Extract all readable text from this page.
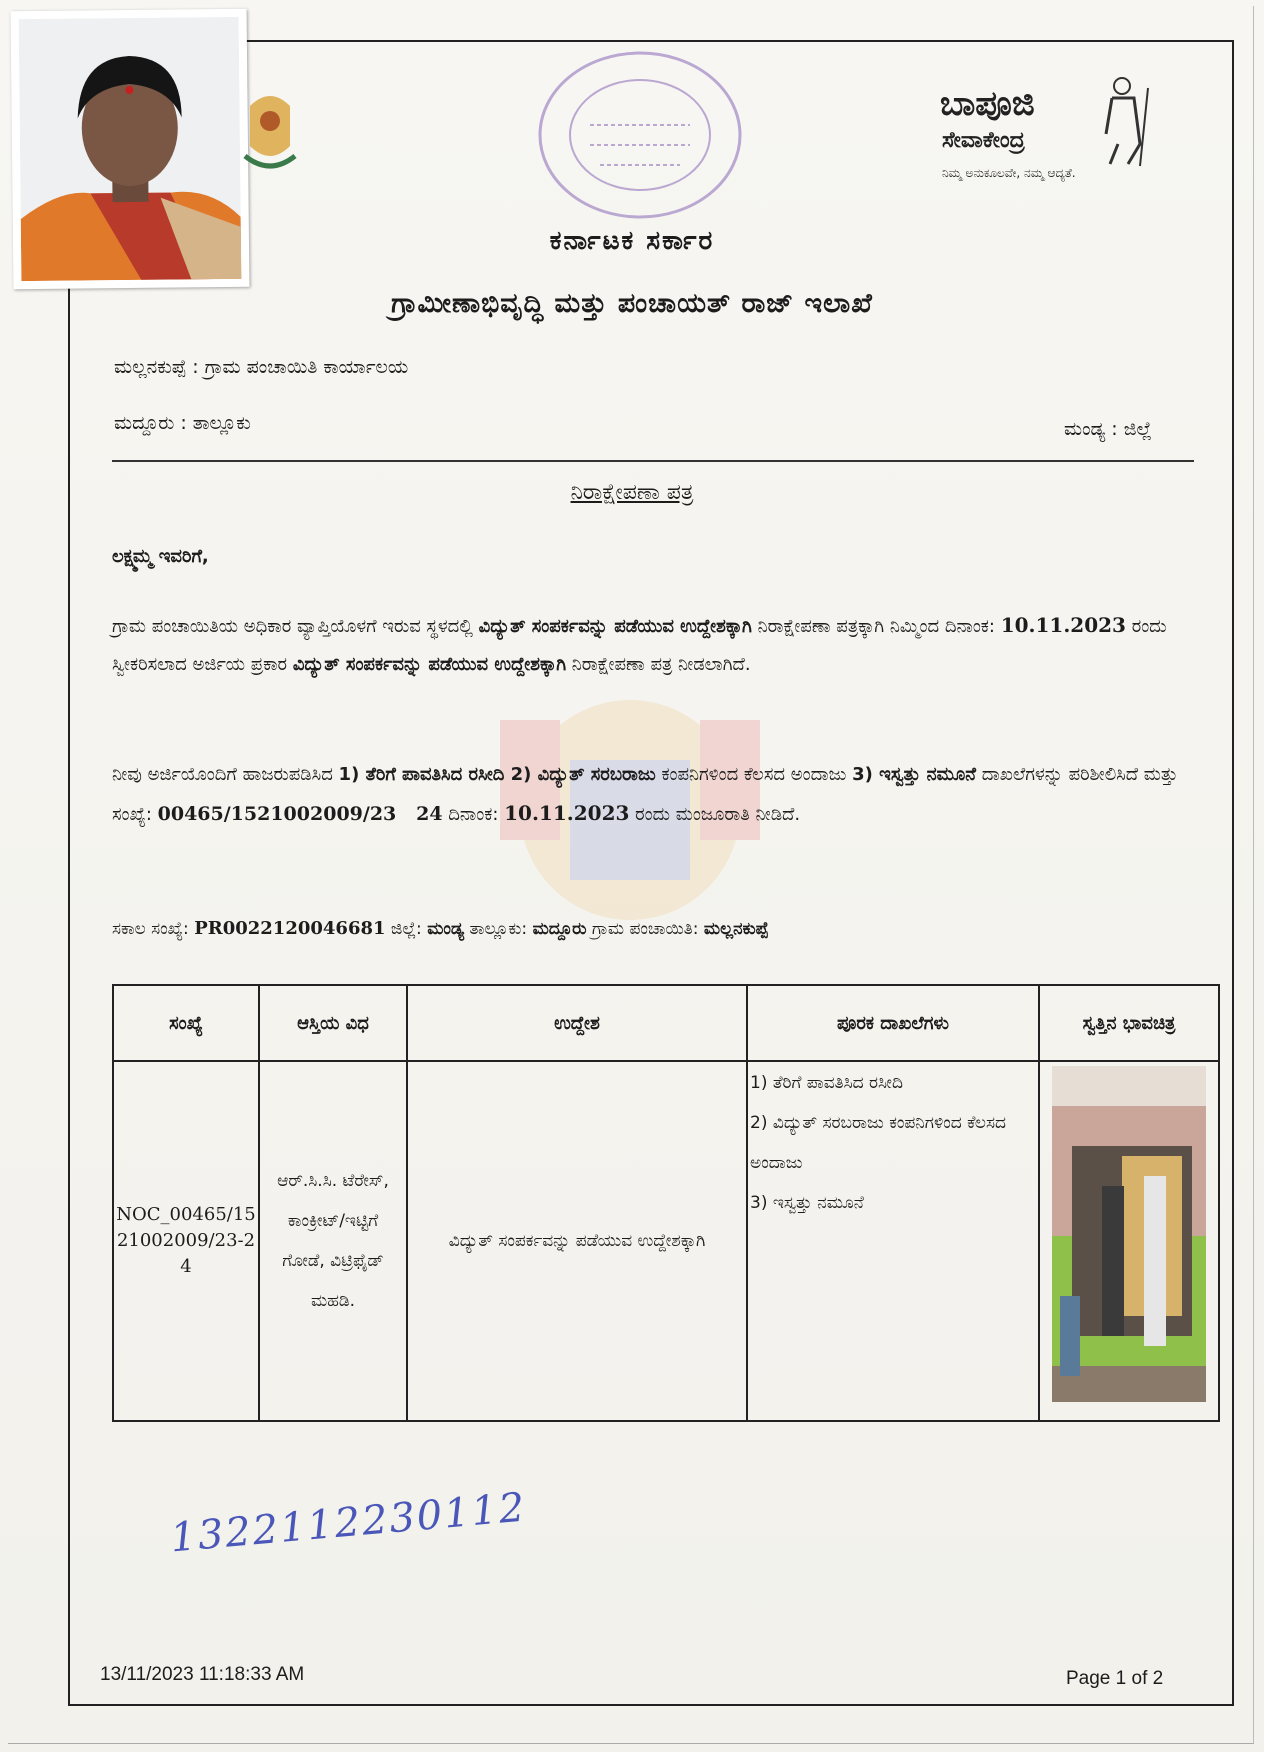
ಬಾಪೂಜಿ
ಸೇವಾಕೇಂದ್ರ
ನಿಮ್ಮ ಅನುಕೂಲವೇ, ನಮ್ಮ ಆದ್ಯತೆ.
ಕರ್ನಾಟಕ ಸರ್ಕಾರ
ಗ್ರಾಮೀಣಾಭಿವೃದ್ಧಿ ಮತ್ತು ಪಂಚಾಯತ್ ರಾಜ್ ಇಲಾಖೆ
ಮಲ್ಲನಕುಪ್ಪೆ : ಗ್ರಾಮ ಪಂಚಾಯಿತಿ ಕಾರ್ಯಾಲಯ
ಮದ್ದೂರು : ತಾಲ್ಲೂಕು	ಮಂಡ್ಯ : ಜಿಲ್ಲೆ
ನಿರಾಕ್ಷೇಪಣಾ ಪತ್ರ
ಲಕ್ಷ್ಮಮ್ಮ ಇವರಿಗೆ,
ಗ್ರಾಮ ಪಂಚಾಯಿತಿಯ ಅಧಿಕಾರ ವ್ಯಾಪ್ತಿಯೊಳಗೆ ಇರುವ ಸ್ಥಳದಲ್ಲಿ ವಿದ್ಯುತ್ ಸಂಪರ್ಕವನ್ನು ಪಡೆಯುವ ಉದ್ದೇಶಕ್ಕಾಗಿ ನಿರಾಕ್ಷೇಪಣಾ ಪತ್ರಕ್ಕಾಗಿ ನಿಮ್ಮಿಂದ ದಿನಾಂಕ: 10.11.2023 ರಂದು ಸ್ವೀಕರಿಸಲಾದ ಅರ್ಜಿಯ ಪ್ರಕಾರ ವಿದ್ಯುತ್ ಸಂಪರ್ಕವನ್ನು ಪಡೆಯುವ ಉದ್ದೇಶಕ್ಕಾಗಿ ನಿರಾಕ್ಷೇಪಣಾ ಪತ್ರ ನೀಡಲಾಗಿದೆ.
ನೀವು ಅರ್ಜಿಯೊಂದಿಗೆ ಹಾಜರುಪಡಿಸಿದ 1) ತೆರಿಗೆ ಪಾವತಿಸಿದ ರಸೀದಿ 2) ವಿದ್ಯುತ್ ಸರಬರಾಜು ಕಂಪನಿಗಳಿಂದ ಕೆಲಸದ ಅಂದಾಜು 3) ಇಸ್ವತ್ತು ನಮೂನೆ ದಾಖಲೆಗಳನ್ನು ಪರಿಶೀಲಿಸಿದೆ ಮತ್ತು ಸಂಖ್ಯೆ: 00465/1521002009/23   24 ದಿನಾಂಕ: 10.11.2023 ರಂದು ಮಂಜೂರಾತಿ ನೀಡಿದೆ.
ಸಕಾಲ ಸಂಖ್ಯೆ: PR0022120046681 ಜಿಲ್ಲೆ: ಮಂಡ್ಯ ತಾಲ್ಲೂಕು: ಮದ್ದೂರು ಗ್ರಾಮ ಪಂಚಾಯಿತಿ: ಮಲ್ಲನಕುಪ್ಪೆ
ಸಂಖ್ಯೆ	ಆಸ್ತಿಯ ವಿಧ	ಉದ್ದೇಶ	ಪೂರಕ ದಾಖಲೆಗಳು	ಸ್ವತ್ತಿನ ಭಾವಚಿತ್ರ
NOC_00465/1521002009/23-24	ಆರ್.ಸಿ.ಸಿ. ಟೆರೇಸ್, ಕಾಂಕ್ರೀಟ್/ಇಟ್ಟಿಗೆ ಗೋಡೆ, ವಿಟ್ರಿಫೈಡ್ ಮಹಡಿ.	ವಿದ್ಯುತ್ ಸಂಪರ್ಕವನ್ನು ಪಡೆಯುವ ಉದ್ದೇಶಕ್ಕಾಗಿ	1) ತೆರಿಗೆ ಪಾವತಿಸಿದ ರಸೀದಿ
2) ವಿದ್ಯುತ್ ಸರಬರಾಜು ಕಂಪನಿಗಳಿಂದ ಕೆಲಸದ ಅಂದಾಜು
3) ಇಸ್ವತ್ತು ನಮೂನೆ

1322112230112
13/11/2023 11:18:33 AM	Page 1 of 2
